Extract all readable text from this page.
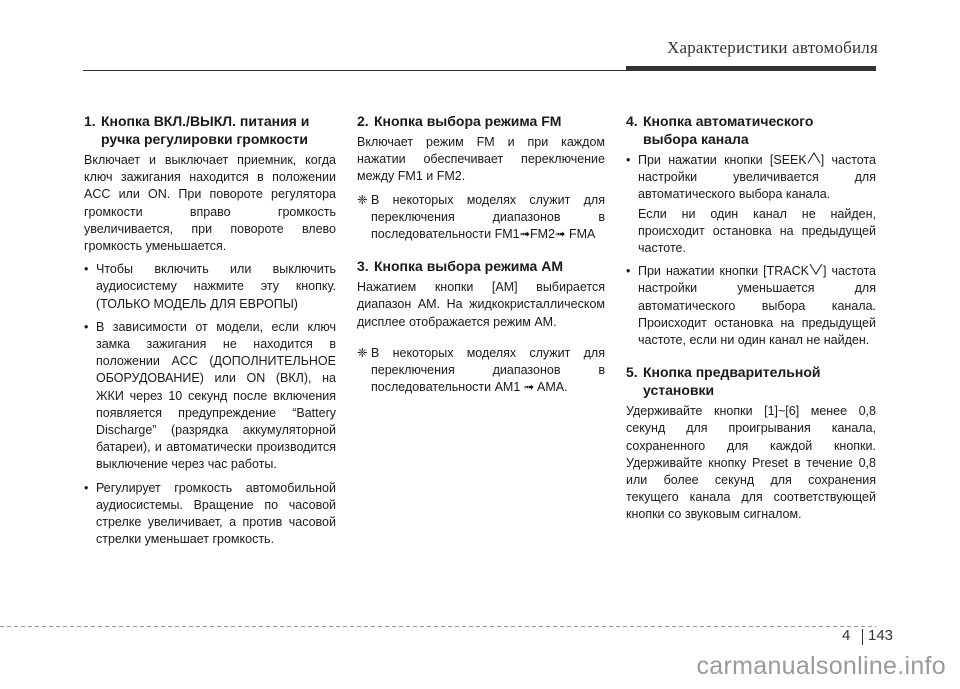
Характеристики автомобиля
1. Кнопка ВКЛ./ВЫКЛ. питания и
ручка регулировки громкости

Включает и выключает приемник, когда ключ зажигания находится в положении ACC или ON. При повороте регулятора громкости вправо громкость увеличивается, при повороте влево громкость уменьшается.

• Чтобы включить или выключить аудиосистему нажмите эту кнопку. (ТОЛЬКО МОДЕЛЬ ДЛЯ ЕВРОПЫ)
• В зависимости от модели, если ключ замка зажигания не находится в положении ACC (ДОПОЛНИТЕЛЬНОЕ ОБОРУДОВАНИЕ) или ON (ВКЛ), на ЖКИ через 10 секунд после включения появляется предупреждение “Battery Discharge” (разрядка аккумуляторной батареи), и автоматически производится выключение через час работы.
• Регулирует громкость автомобильной аудиосистемы. Вращение по часовой стрелке увеличивает, а против часовой стрелки уменьшает громкость.
2. Кнопка выбора режима FM

Включает режим FM и при каждом нажатии обеспечивает переключение между FM1 и FM2.

❈ В некоторых моделях служит для переключения диапазонов в последовательности FM1➟FM2➟ FMA
3. Кнопка выбора режима AM

Нажатием кнопки [AM] выбирается диапазон AM. На жидкокристаллическом дисплее отображается режим AM.

❈ В некоторых моделях служит для переключения диапазонов в последовательности AM1 ➟ AMA.
4. Кнопка автоматического
выбора канала
• При нажатии кнопки [SEEK ] частота настройки увеличивается для автоматического выбора канала.
Если ни один канал не найден, происходит остановка на предыдущей частоте.
• При нажатии кнопки [TRACK ] частота настройки уменьшается для автоматического выбора канала. Происходит остановка на предыдущей частоте, если ни один канал не найден.
5. Кнопка предварительной
установки

Удерживайте кнопки [1]~[6] менее 0,8 секунд для проигрывания канала, сохраненного для каждой кнопки. Удерживайте кнопку Preset в течение 0,8 или более секунд для сохранения текущего канала для соответствующей кнопки со звуковым сигналом.

4 143
carmanualsonline.info
